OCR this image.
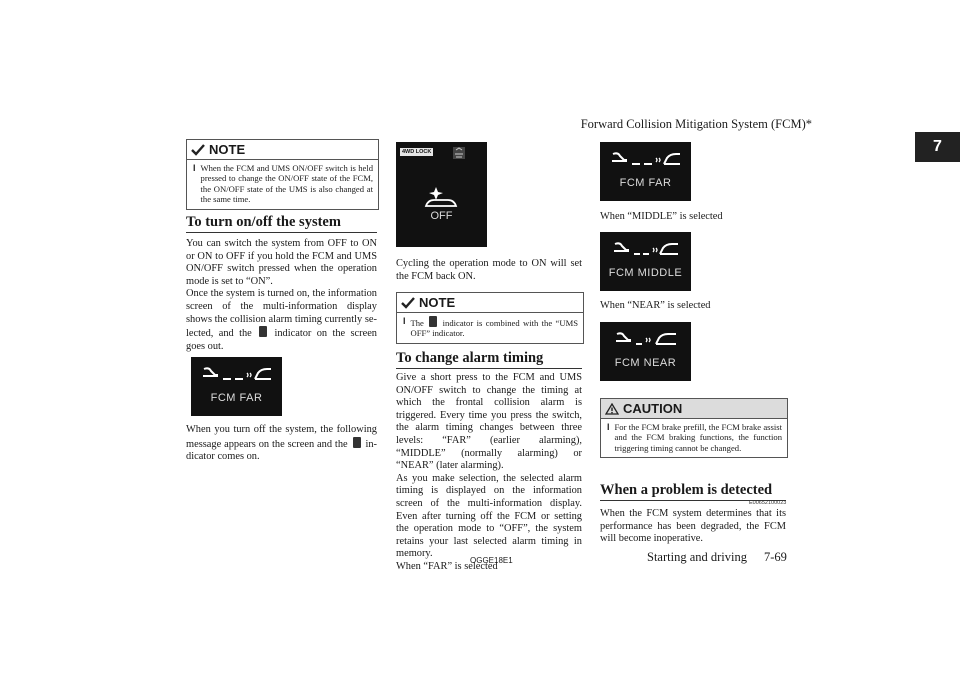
Forward Collision Mitigation System (FCM)*
7
NOTE
l When the FCM and UMS ON/OFF switch is held pressed to change the ON/OFF state of the FCM, the ON/OFF state of the UMS is also changed at the same time.
To turn on/off the system
You can switch the system from OFF to ON or ON to OFF if you hold the FCM and UMS ON/OFF switch pressed when the operation mode is set to “ON”.
Once the system is turned on, the information screen of the multi-information display shows the collision alarm timing currently se- lected, and the indicator on the screen goes out.
FCM FAR
When you turn off the system, the following message appears on the screen and the in- dicator comes on.
4WD LOCK
OFF
Cycling the operation mode to ON will set the FCM back ON.
NOTE
l The indicator is combined with the “UMS OFF” indicator.
To change alarm timing
Give a short press to the FCM and UMS ON/OFF switch to change the timing at which the frontal collision alarm is triggered. Every time you press the switch, the alarm timing changes between three levels: “FAR” (earlier alarming), “MIDDLE” (normally alarming) or “NEAR” (later alarming).
As you make selection, the selected alarm timing is displayed on the information screen of the multi-information display. Even after turning off the FCM or setting the operation mode to “OFF”, the system retains your last selected alarm timing in memory.
When “FAR” is selected
FCM FAR
When “MIDDLE” is selected
FCM MIDDLE
When “NEAR” is selected
FCM NEAR
CAUTION
l For the FCM brake prefill, the FCM brake assist and the FCM braking functions, the function triggering timing cannot be changed.
When a problem is detected
E00652100023
When the FCM system determines that its performance has been degraded, the FCM will become inoperative.
OGGE18E1	Starting and driving 7-69
